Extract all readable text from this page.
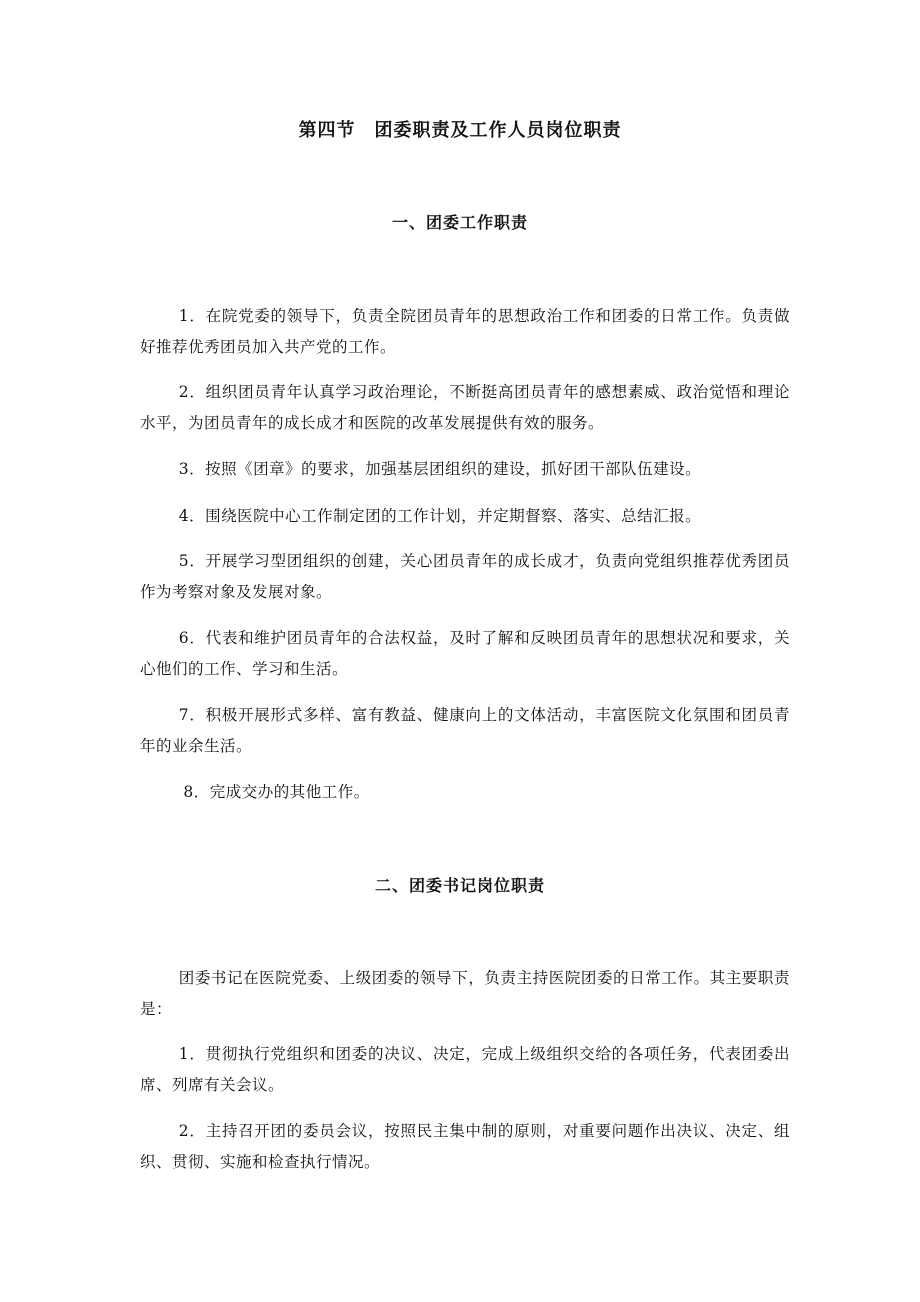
第四节　团委职责及工作人员岗位职责
一、团委工作职责
1．在院党委的领导下，负责全院团员青年的思想政治工作和团委的日常工作。负责做好推荐优秀团员加入共产党的工作。
2．组织团员青年认真学习政治理论，不断挺高团员青年的感想素威、政治觉悟和理论水平，为团员青年的成长成才和医院的改革发展提供有效的服务。
3．按照《团章》的要求，加强基层团组织的建设，抓好团干部队伍建设。
4．围绕医院中心工作制定团的工作计划，并定期督察、落实、总结汇报。
5．开展学习型团组织的创建，关心团员青年的成长成才，负责向党组织推荐优秀团员作为考察对象及发展对象。
6．代表和维护团员青年的合法权益，及时了解和反映团员青年的思想状况和要求，关心他们的工作、学习和生活。
7．积极开展形式多样、富有教益、健康向上的文体活动，丰富医院文化氛围和团员青年的业余生活。
8．完成交办的其他工作。
二、团委书记岗位职责
团委书记在医院党委、上级团委的领导下，负责主持医院团委的日常工作。其主要职责是：
1．贯彻执行党组织和团委的决议、决定，完成上级组织交给的各项任务，代表团委出席、列席有关会议。
2．主持召开团的委员会议，按照民主集中制的原则，对重要问题作出决议、决定、组织、贯彻、实施和检查执行情况。
